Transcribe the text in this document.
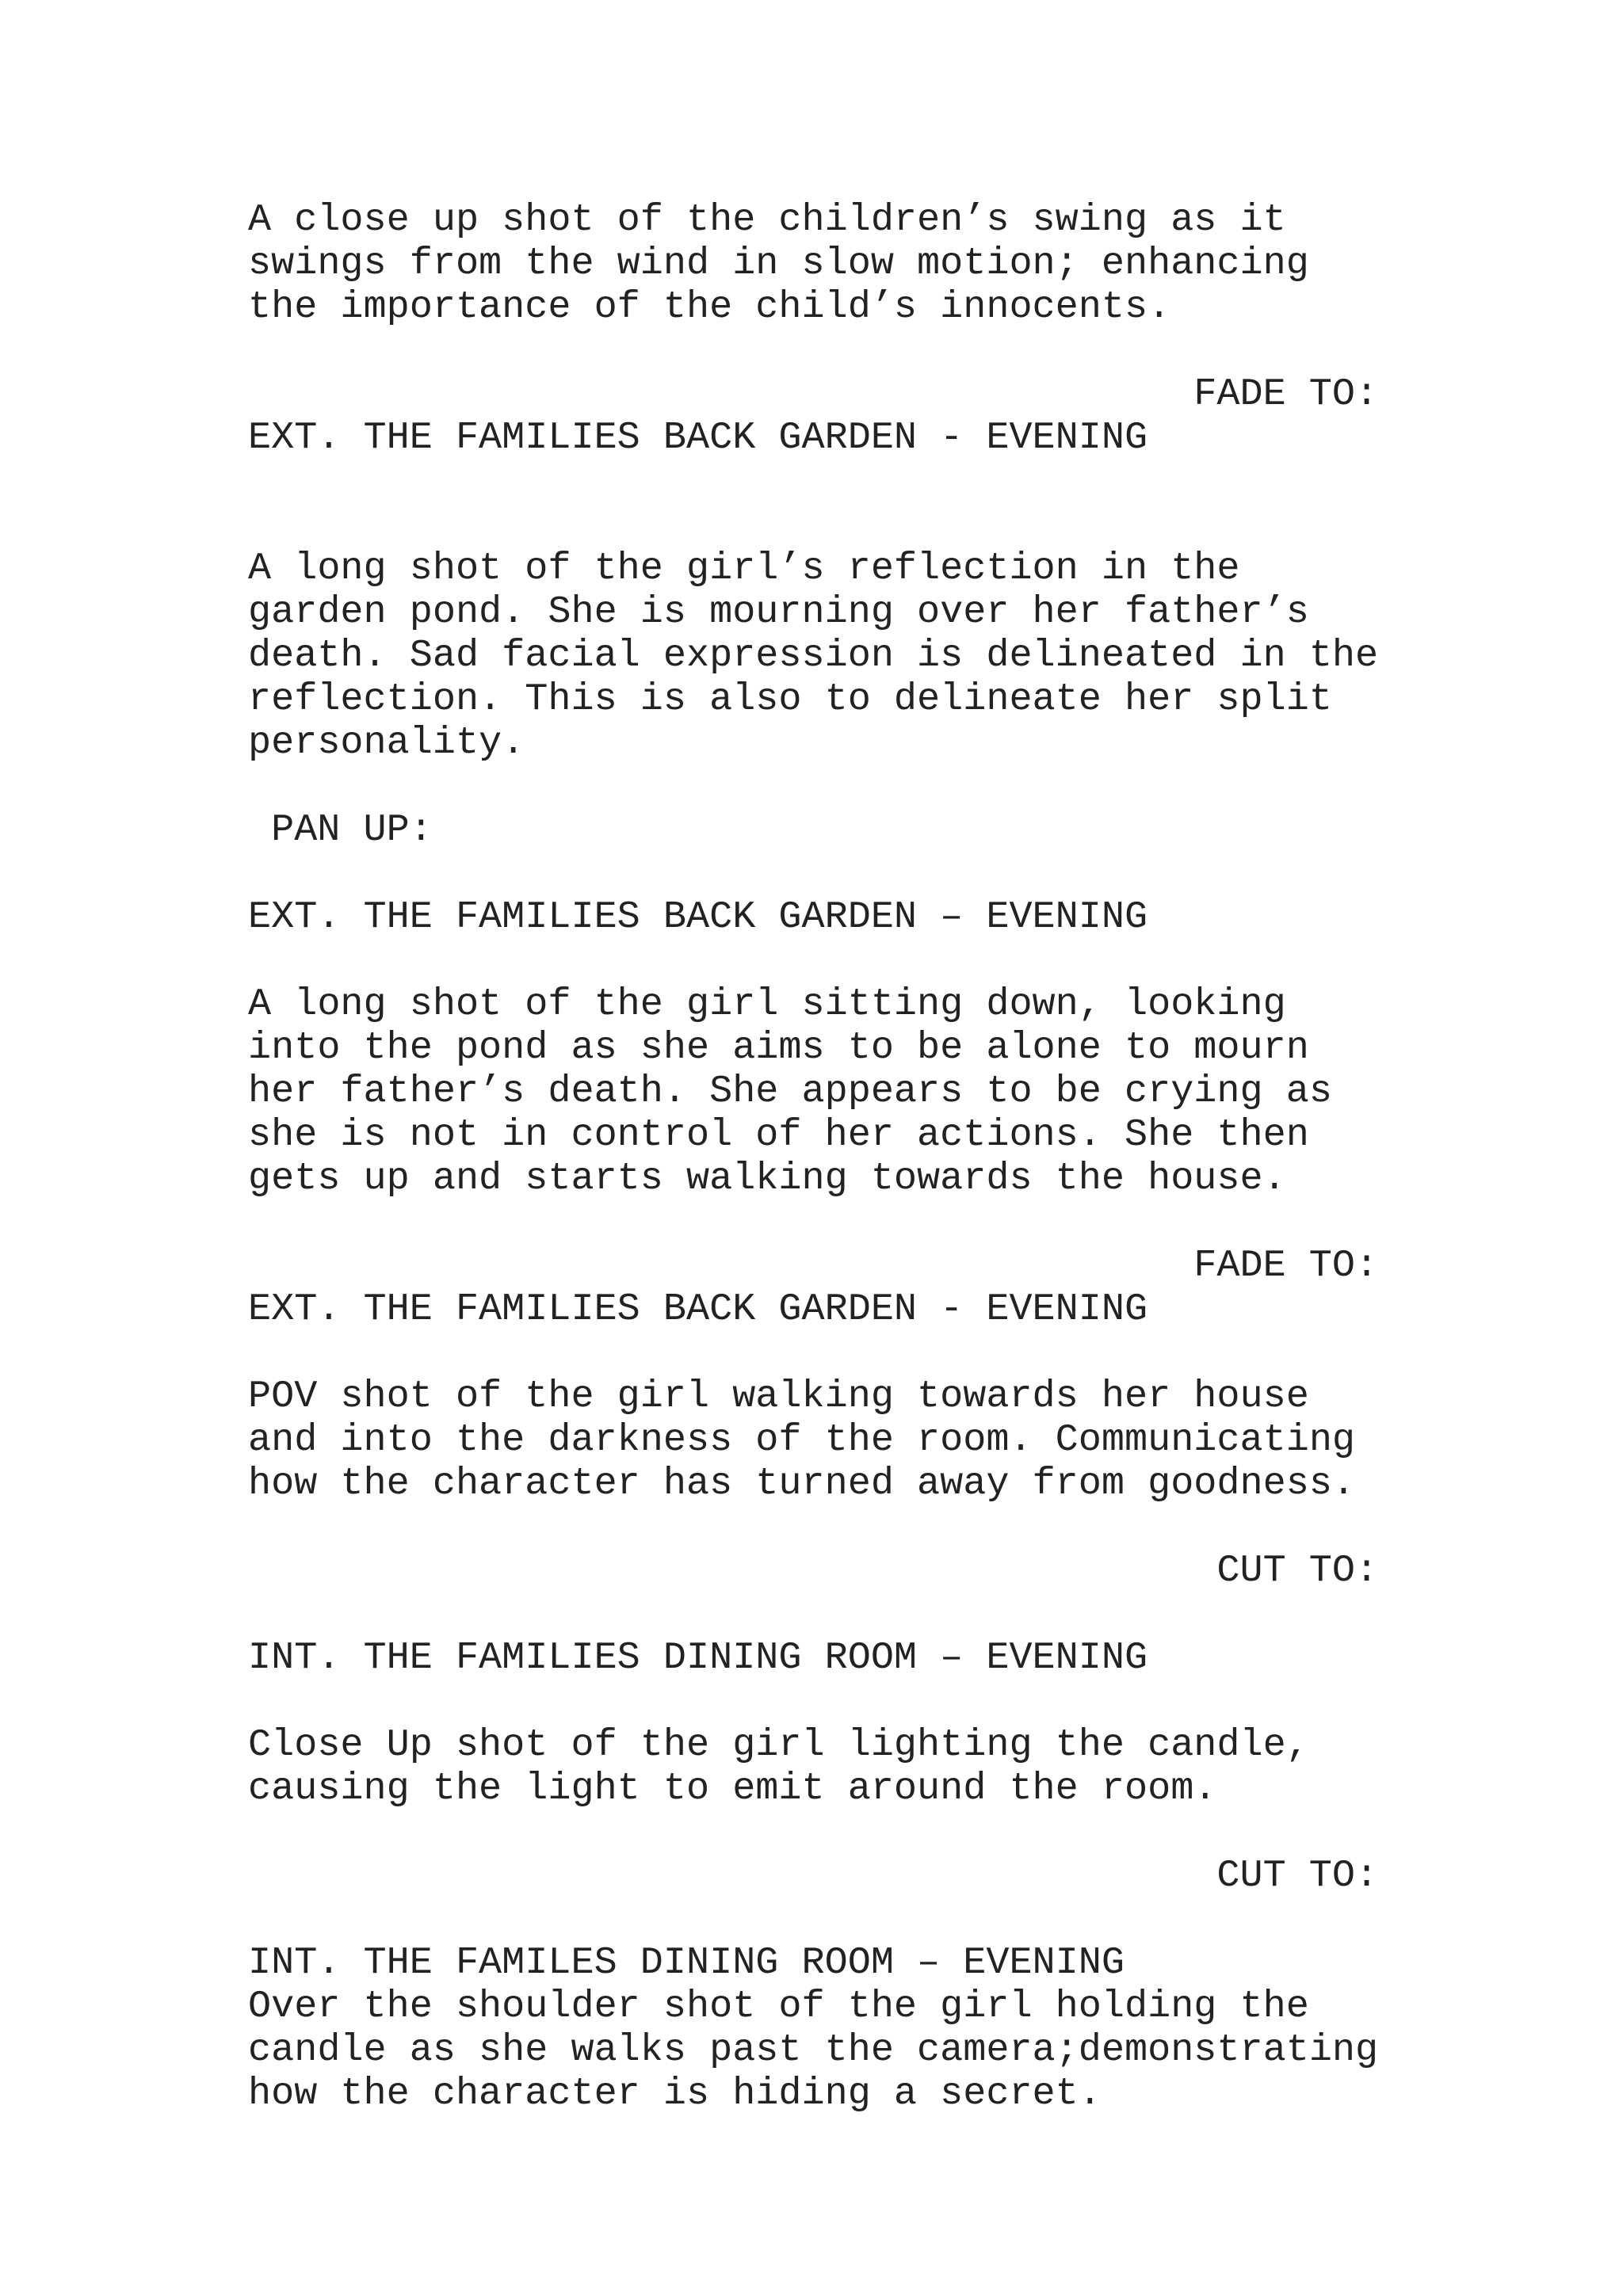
A close up shot of the children’s swing as it
swings from the wind in slow motion; enhancing
the importance of the child’s innocents.
FADE TO:
EXT. THE FAMILIES BACK GARDEN - EVENING
A long shot of the girl’s reflection in the
garden pond. She is mourning over her father’s
death. Sad facial expression is delineated in the
reflection. This is also to delineate her split
personality.
PAN UP:
EXT. THE FAMILIES BACK GARDEN – EVENING
A long shot of the girl sitting down, looking
into the pond as she aims to be alone to mourn
her father’s death. She appears to be crying as
she is not in control of her actions. She then
gets up and starts walking towards the house.
FADE TO:
EXT. THE FAMILIES BACK GARDEN - EVENING
POV shot of the girl walking towards her house
and into the darkness of the room. Communicating
how the character has turned away from goodness.
CUT TO:
INT. THE FAMILIES DINING ROOM – EVENING
Close Up shot of the girl lighting the candle,
causing the light to emit around the room.
CUT TO:
INT. THE FAMILES DINING ROOM – EVENING
Over the shoulder shot of the girl holding the
candle as she walks past the camera;demonstrating
how the character is hiding a secret.
